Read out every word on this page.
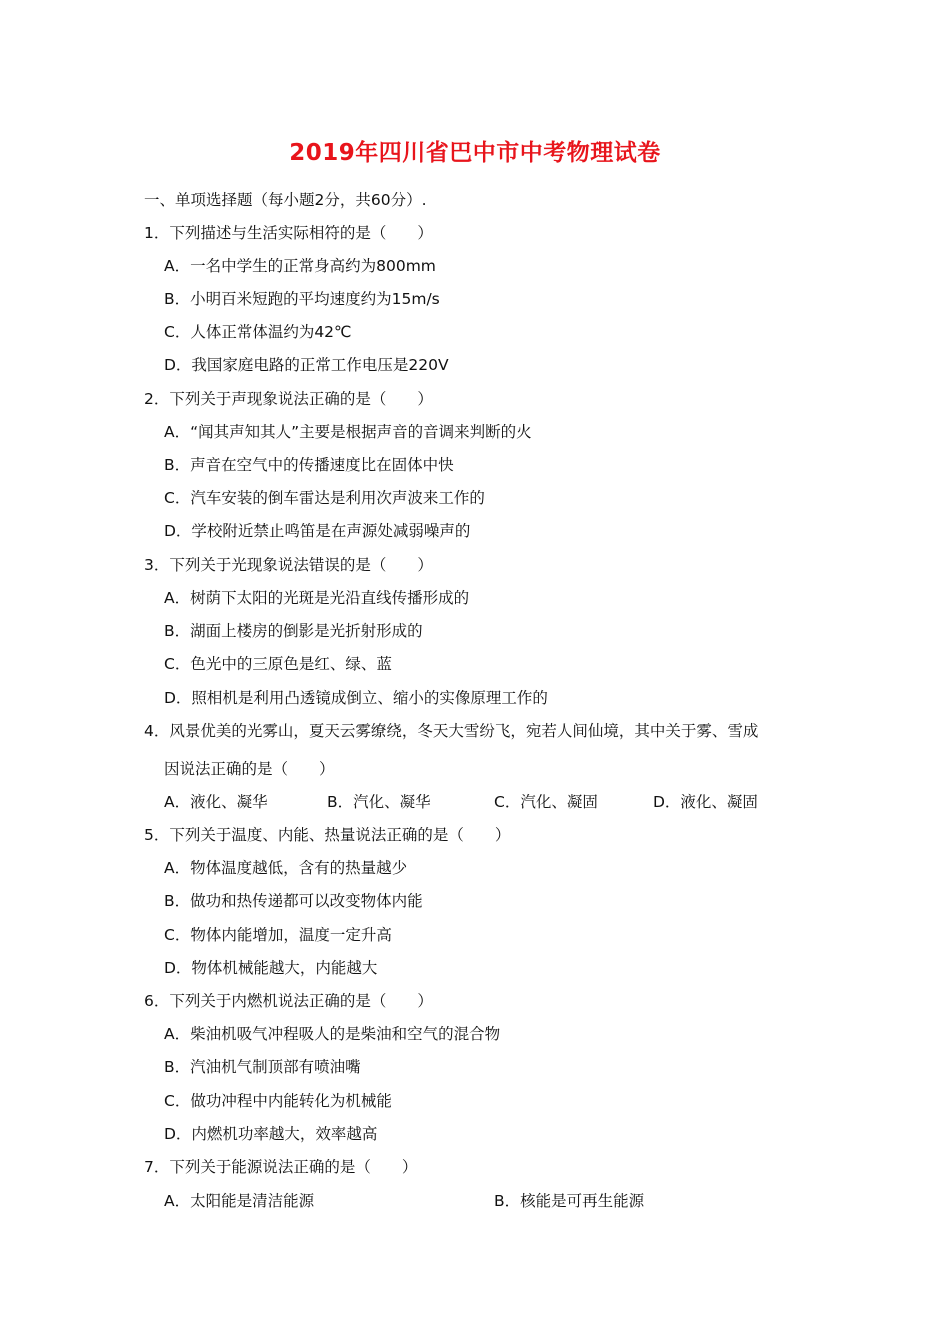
2019年四川省巴中市中考物理试卷
一、单项选择题（每小题2分，共60分）.
1．下列描述与生活实际相符的是（　　）
A．一名中学生的正常身高约为800mm
B．小明百米短跑的平均速度约为15m/s
C．人体正常体温约为42℃
D．我国家庭电路的正常工作电压是220V
2．下列关于声现象说法正确的是（　　）
A．“闻其声知其人”主要是根据声音的音调来判断的火
B．声音在空气中的传播速度比在固体中快
C．汽车安装的倒车雷达是利用次声波来工作的
D．学校附近禁止鸣笛是在声源处减弱噪声的
3．下列关于光现象说法错误的是（　　）
A．树荫下太阳的光斑是光沿直线传播形成的
B．湖面上楼房的倒影是光折射形成的
C．色光中的三原色是红、绿、蓝
D．照相机是利用凸透镜成倒立、缩小的实像原理工作的
4．风景优美的光雾山，夏天云雾缭绕，冬天大雪纷飞，宛若人间仙境，其中关于雾、雪成
因说法正确的是（　　）
A．液化、凝华	B．汽化、凝华	C．汽化、凝固	D．液化、凝固
5．下列关于温度、内能、热量说法正确的是（　　）
A．物体温度越低，含有的热量越少
B．做功和热传递都可以改变物体内能
C．物体内能增加，温度一定升高
D．物体机械能越大，内能越大
6．下列关于内燃机说法正确的是（　　）
A．柴油机吸气冲程吸人的是柴油和空气的混合物
B．汽油机气制顶部有喷油嘴
C．做功冲程中内能转化为机械能
D．内燃机功率越大，效率越高
7．下列关于能源说法正确的是（　　）
A．太阳能是清洁能源	B．核能是可再生能源
